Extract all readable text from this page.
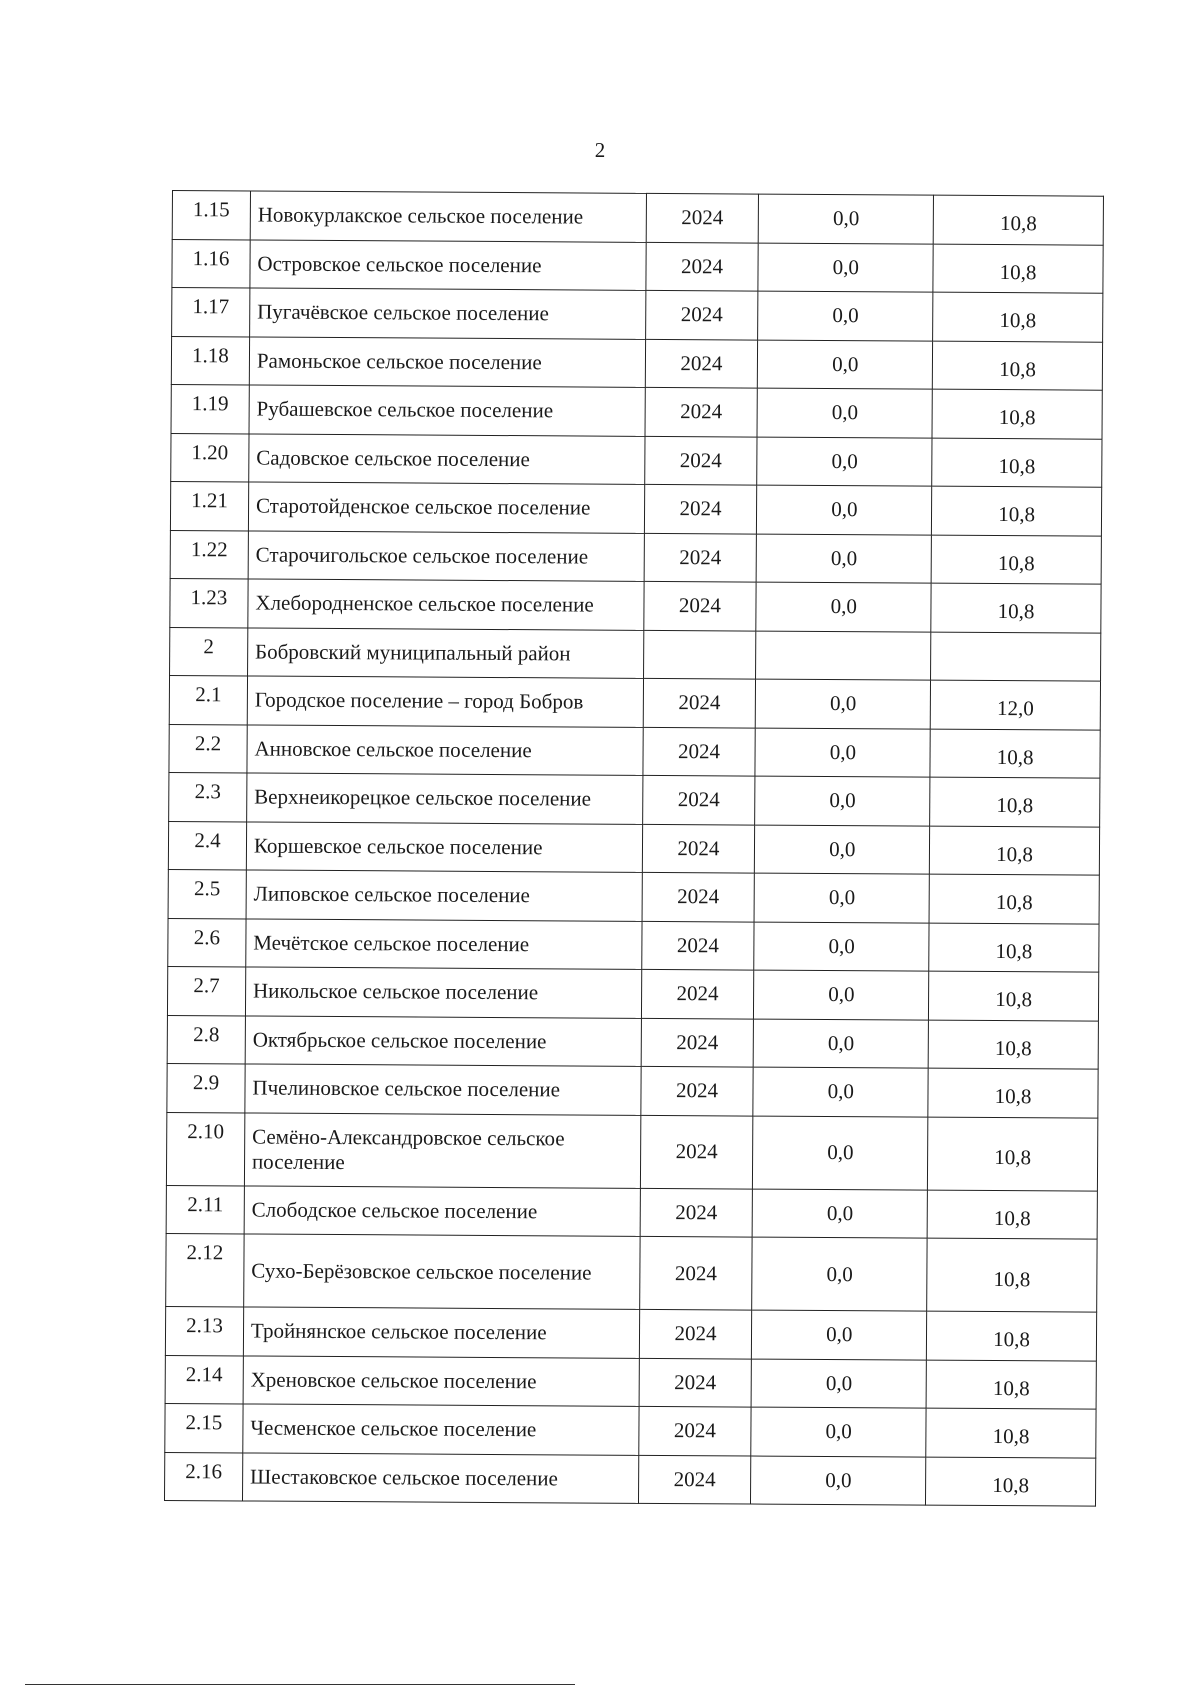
2
1.15	Новокурлакское сельское поселение	2024	0,0	10,8
1.16	Островское сельское поселение	2024	0,0	10,8
1.17	Пугачёвское сельское поселение	2024	0,0	10,8
1.18	Рамоньское сельское поселение	2024	0,0	10,8
1.19	Рубашевское сельское поселение	2024	0,0	10,8
1.20	Садовское сельское поселение	2024	0,0	10,8
1.21	Старотойденское сельское поселение	2024	0,0	10,8
1.22	Старочигольское сельское поселение	2024	0,0	10,8
1.23	Хлебородненское сельское поселение	2024	0,0	10,8
2	Бобровский муниципальный район			
2.1	Городское поселение – город Бобров	2024	0,0	12,0
2.2	Анновское сельское поселение	2024	0,0	10,8
2.3	Верхнеикорецкое сельское поселение	2024	0,0	10,8
2.4	Коршевское сельское поселение	2024	0,0	10,8
2.5	Липовское сельское поселение	2024	0,0	10,8
2.6	Мечётское сельское поселение	2024	0,0	10,8
2.7	Никольское сельское поселение	2024	0,0	10,8
2.8	Октябрьское сельское поселение	2024	0,0	10,8
2.9	Пчелиновское сельское поселение	2024	0,0	10,8
2.10	Семёно-Александровское сельское поселение	2024	0,0	10,8
2.11	Слободское сельское поселение	2024	0,0	10,8
2.12	Сухо-Берёзовское сельское поселение	2024	0,0	10,8
2.13	Тройнянское сельское поселение	2024	0,0	10,8
2.14	Хреновское сельское поселение	2024	0,0	10,8
2.15	Чесменское сельское поселение	2024	0,0	10,8
2.16	Шестаковское сельское поселение	2024	0,0	10,8
